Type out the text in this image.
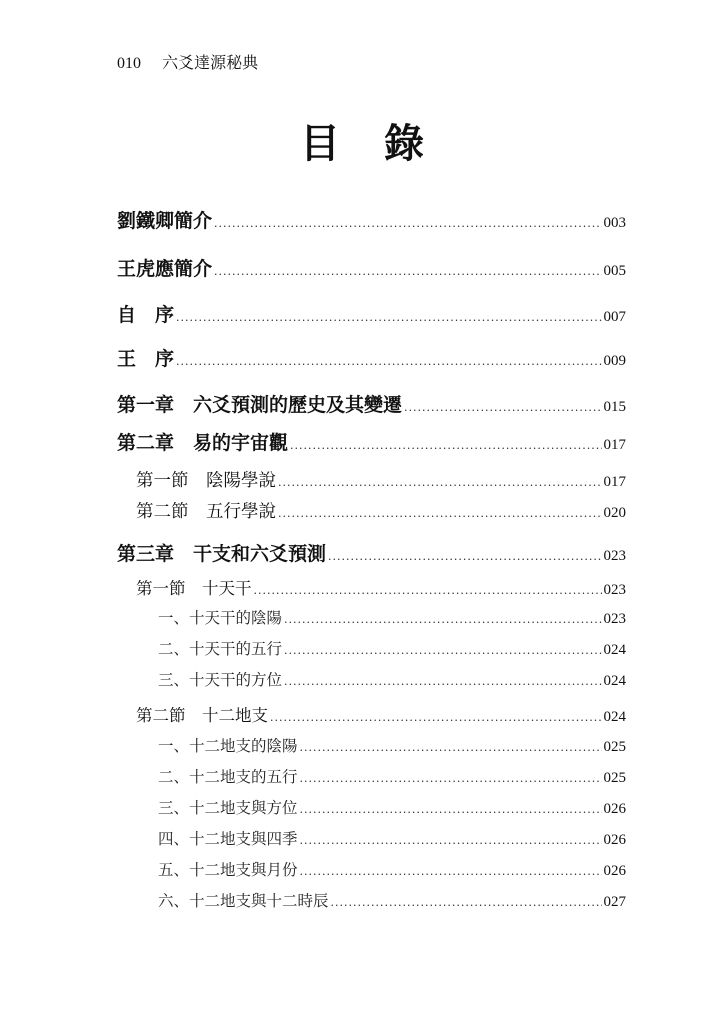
010 六爻達源秘典
目錄
劉鐵卿簡介 .....	003
王虎應簡介 .....	005
自　序 .....	007
王　序 .....	009
第一章　六爻預測的歷史及其變遷 .....	015
第二章　易的宇宙觀 .....	017
第一節　陰陽學說 .....	017
第二節　五行學說 .....	020
第三章　干支和六爻預測 .....	023
第一節　十天干 .....	023
一、十天干的陰陽 .....	023
二、十天干的五行 .....	024
三、十天干的方位 .....	024
第二節　十二地支 .....	024
一、十二地支的陰陽 .....	025
二、十二地支的五行 .....	025
三、十二地支與方位 .....	026
四、十二地支與四季 .....	026
五、十二地支與月份 .....	026
六、十二地支與十二時辰 .....	027
